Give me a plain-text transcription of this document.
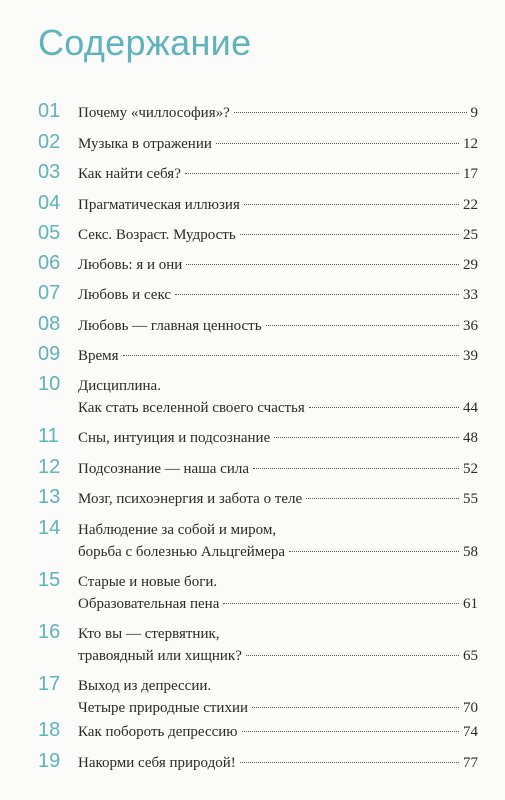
Содержание
01 Почему «чиллософия»?	9
02 Музыка в отражении	12
03 Как найти себя?	17
04 Прагматическая иллюзия	22
05 Секс. Возраст. Мудрость	25
06 Любовь: я и они	29
07 Любовь и секс	33
08 Любовь — главная ценность	36
09 Время	39
10 Дисциплина.
Как стать вселенной своего счастья	44
11 Сны, интуиция и подсознание	48
12 Подсознание — наша сила	52
13 Мозг, психоэнергия и забота о теле	55
14 Наблюдение за собой и миром,
борьба с болезнью Альцгеймера	58
15 Старые и новые боги.
Образовательная пена	61
16 Кто вы — стервятник,
травоядный или хищник?	65
17 Выход из депрессии.
Четыре природные стихии	70
18 Как побороть депрессию	74
19 Накорми себя природой!	77
